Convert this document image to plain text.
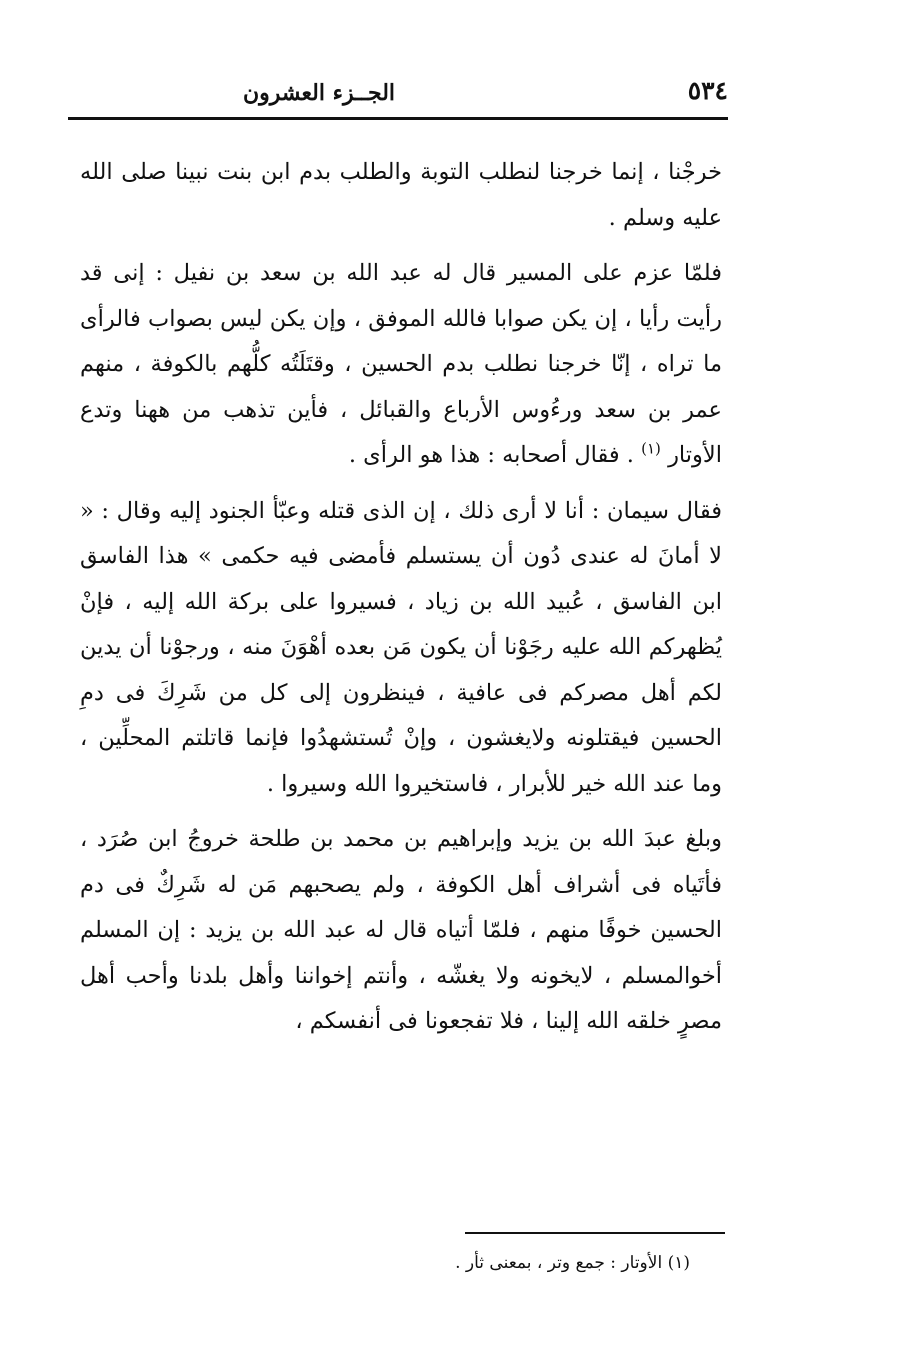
٥٣٤
الجــزء العشرون

خرجْنا ، إنما خرجنا لنطلب التوبة والطلب بدم ابن بنت نبينا صلى الله عليه وسلم .

فلمّا عزم على المسير قال له عبد الله بن سعد بن نفيل : إنى قد رأيت رأيا ، إن يكن صوابا فالله الموفق ، وإن يكن ليس بصواب فالرأى ما تراه ، إنّا خرجنا نطلب بدم الحسين ، وقتَلَتُه كلُّهم بالكوفة ، منهم عمر بن سعد ورءُوس الأرباع والقبائل ، فأين تذهب من ههنا وتدع الأوتار $^{(١)}$ . فقال أصحابه : هذا هو الرأى .

فقال سيمان : أنا لا أرى ذلك ، إن الذى قتله وعبّأ الجنود إليه وقال : « لا أمانَ له عندى دُون أن يستسلم فأمضى فيه حكمى » هذا الفاسق ابن الفاسق ، عُبيد الله بن زياد ، فسيروا على بركة الله إليه ، فإنْ يُظهركم الله عليه رجَوْنا أن يكون مَن بعده أهْوَنَ منه ، ورجوْنا أن يدين لكم أهل مصركم فى عافية ، فينظرون إلى كل من شَرِكَ فى دمِ الحسين فيقتلونه ولايغشون ، وإنْ تُستشهدُوا فإنما قاتلتم المحلِّين ، وما عند الله خير للأبرار ، فاستخيروا الله وسيروا .

وبلغ عبدَ الله بن يزيد وإبراهيم بن محمد بن طلحة خروجُ ابن صُرَد ، فأتَياه فى أشراف أهل الكوفة ، ولم يصحبهم مَن له شَرِكٌ فى دم الحسين خوفًا منهم ، فلمّا أتياه قال له عبد الله بن يزيد : إن المسلم أخوالمسلم ، لايخونه ولا يغشّه ، وأنتم إخواننا وأهل بلدنا وأحب أهل مصرٍ خلقه الله إلينا ، فلا تفجعونا فى أنفسكم ،

(١) الأوتار : جمع وتر ، بمعنى ثأر .
